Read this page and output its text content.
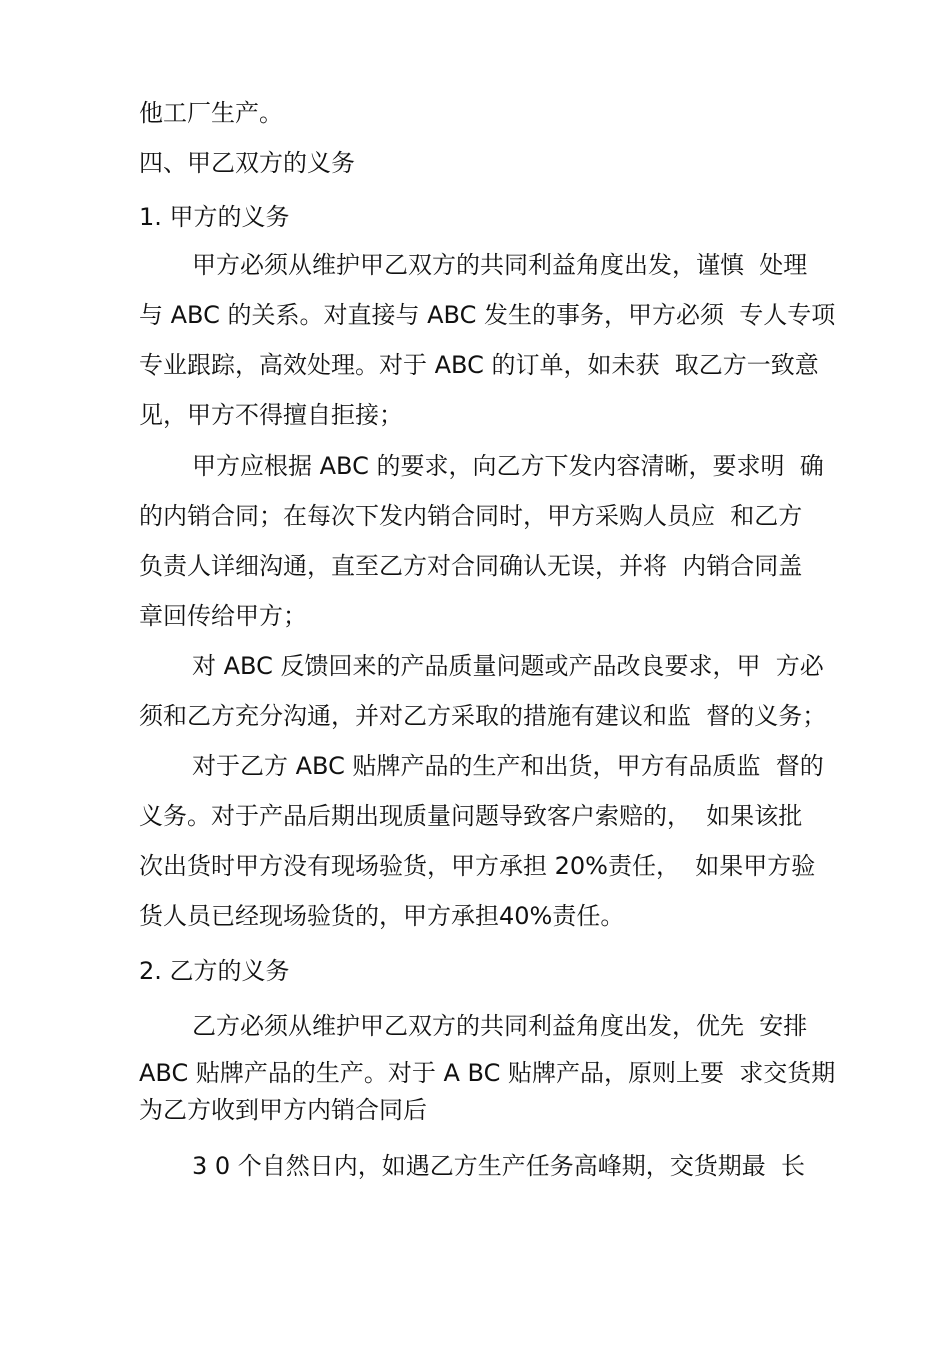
他工厂生产。
四、甲乙双方的义务
1. 甲方的义务
甲方必须从维护甲乙双方的共同利益角度出发，谨慎  处理
与 ABC 的关系。对直接与 ABC 发生的事务，甲方必须  专人专项
专业跟踪，高效处理。对于 ABC 的订单，如未获  取乙方一致意
见，甲方不得擅自拒接；
甲方应根据 ABC 的要求，向乙方下发内容清晰，要求明  确
的内销合同；在每次下发内销合同时，甲方采购人员应  和乙方
负责人详细沟通，直至乙方对合同确认无误，并将  内销合同盖
章回传给甲方；
对 ABC 反馈回来的产品质量问题或产品改良要求，甲  方必
须和乙方充分沟通，并对乙方采取的措施有建议和监  督的义务；
对于乙方 ABC 贴牌产品的生产和出货，甲方有品质监  督的
义务。对于产品后期出现质量问题导致客户索赔的，  如果该批
次出货时甲方没有现场验货，甲方承担 20%责任，  如果甲方验
货人员已经现场验货的，甲方承担40%责任。
2. 乙方的义务
乙方必须从维护甲乙双方的共同利益角度出发，优先  安排
ABC 贴牌产品的生产。对于 A BC 贴牌产品，原则上要  求交货期
为乙方收到甲方内销合同后
3 0 个自然日内，如遇乙方生产任务高峰期，交货期最  长
